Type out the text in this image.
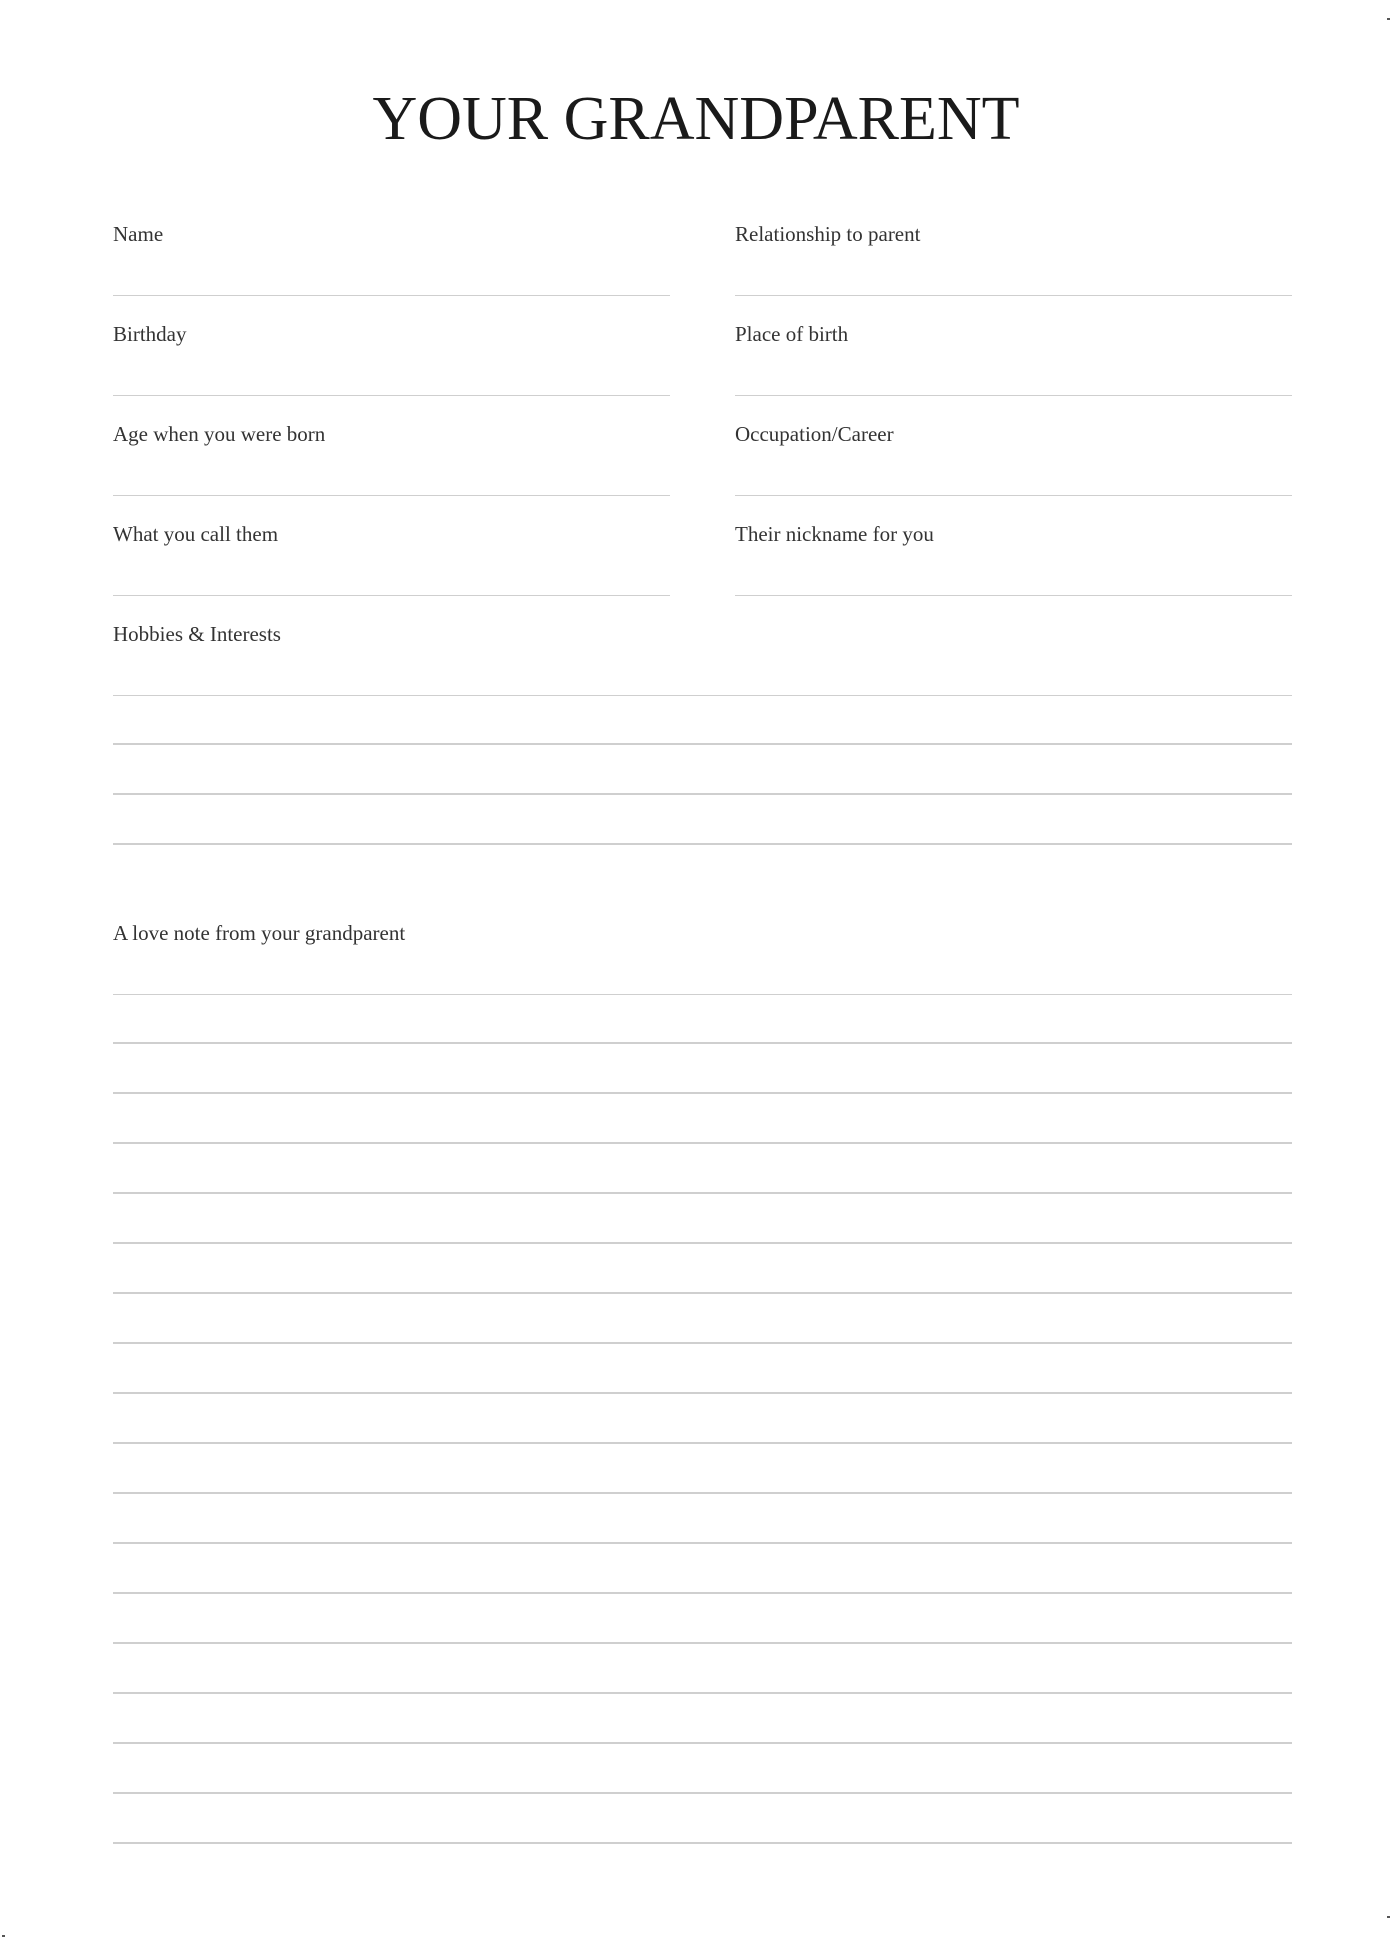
YOUR GRANDPARENT
Name	Relationship to parent
Birthday	Place of birth
Age when you were born	Occupation/Career
What you call them	Their nickname for you
Hobbies & Interests
A love note from your grandparent
